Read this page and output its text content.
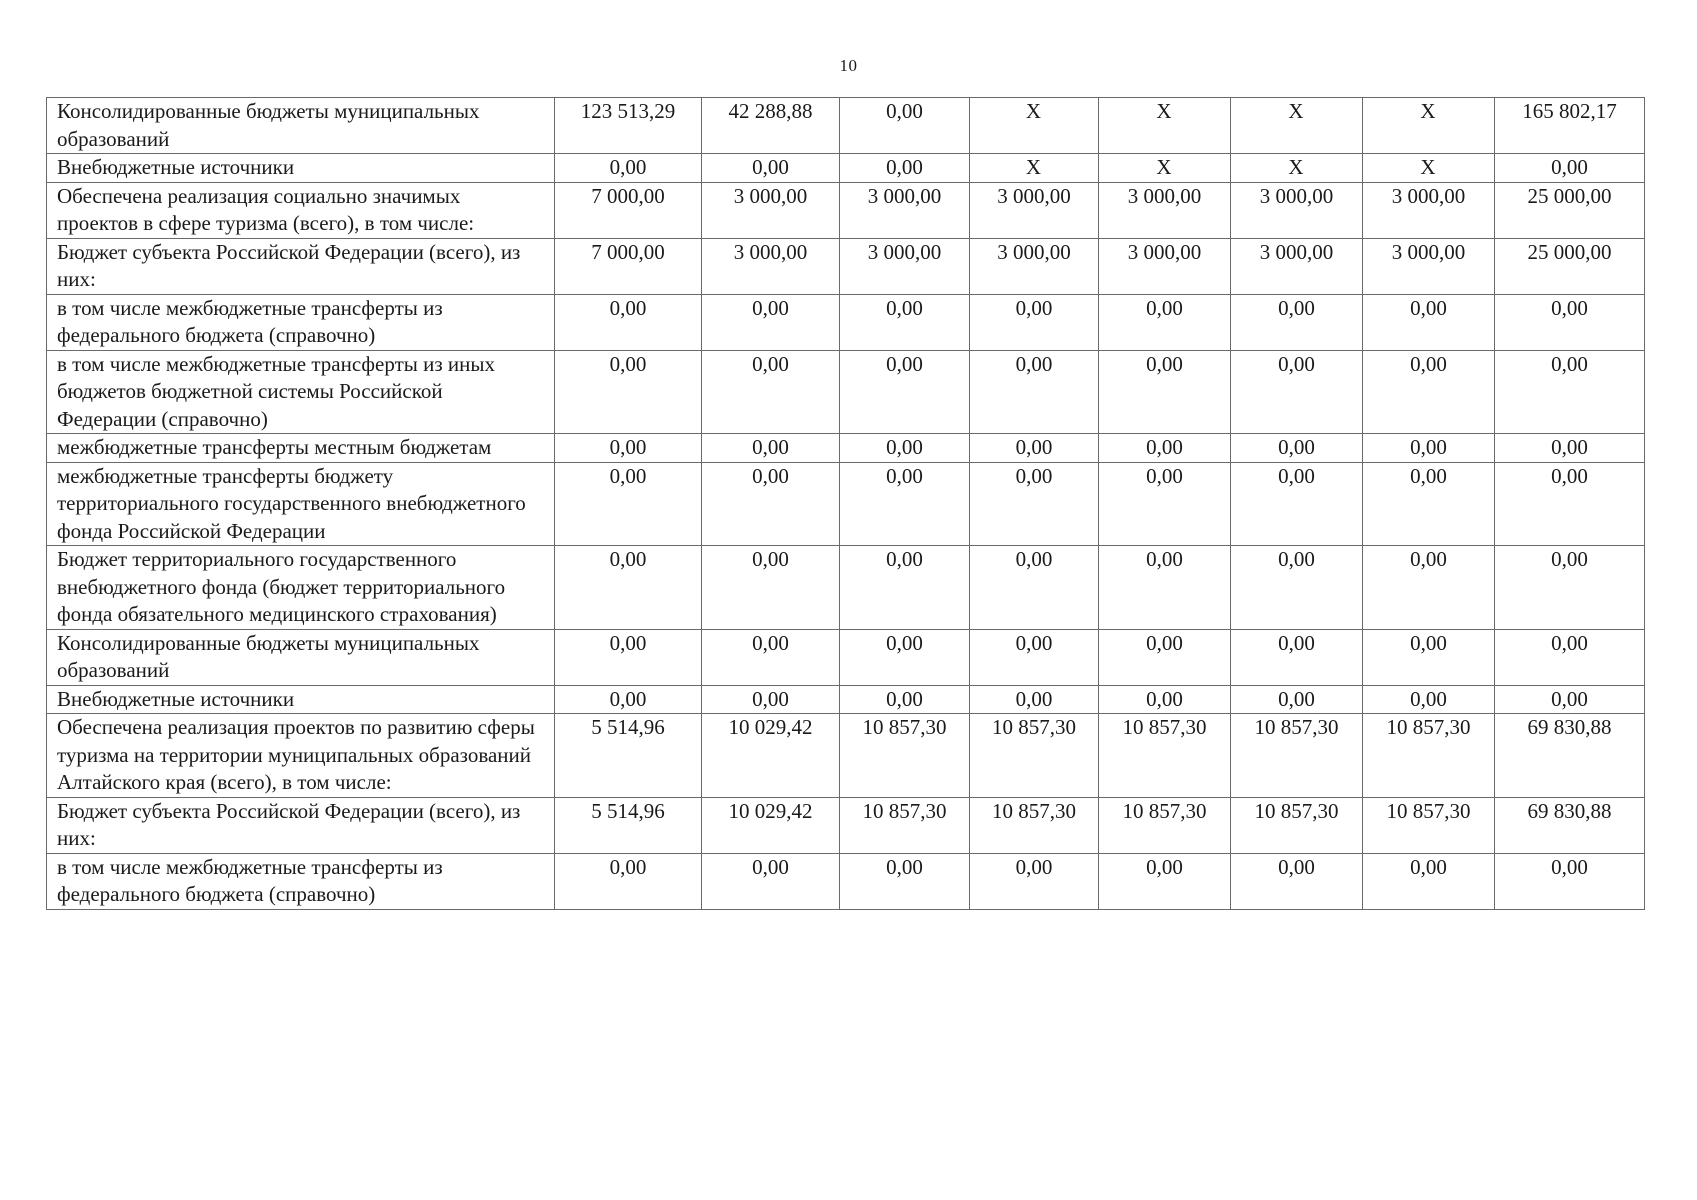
10
Консолидированные бюджеты муниципальных образований	123 513,29	42 288,88	0,00	X	X	X	X	165 802,17
Внебюджетные источники	0,00	0,00	0,00	X	X	X	X	0,00
Обеспечена реализация социально значимых проектов в сфере туризма (всего), в том числе:	7 000,00	3 000,00	3 000,00	3 000,00	3 000,00	3 000,00	3 000,00	25 000,00
Бюджет субъекта Российской Федерации (всего), из них:	7 000,00	3 000,00	3 000,00	3 000,00	3 000,00	3 000,00	3 000,00	25 000,00
в том числе межбюджетные трансферты из федерального бюджета (справочно)	0,00	0,00	0,00	0,00	0,00	0,00	0,00	0,00
в том числе межбюджетные трансферты из иных бюджетов бюджетной системы Российской Федерации (справочно)	0,00	0,00	0,00	0,00	0,00	0,00	0,00	0,00
межбюджетные трансферты местным бюджетам	0,00	0,00	0,00	0,00	0,00	0,00	0,00	0,00
межбюджетные трансферты бюджету территориального государственного внебюджетного фонда Российской Федерации	0,00	0,00	0,00	0,00	0,00	0,00	0,00	0,00
Бюджет территориального государственного внебюджетного фонда (бюджет территориального фонда обязательного медицинского страхования)	0,00	0,00	0,00	0,00	0,00	0,00	0,00	0,00
Консолидированные бюджеты муниципальных образований	0,00	0,00	0,00	0,00	0,00	0,00	0,00	0,00
Внебюджетные источники	0,00	0,00	0,00	0,00	0,00	0,00	0,00	0,00
Обеспечена реализация проектов по развитию сферы туризма на территории муниципальных образований Алтайского края (всего), в том числе:	5 514,96	10 029,42	10 857,30	10 857,30	10 857,30	10 857,30	10 857,30	69 830,88
Бюджет субъекта Российской Федерации (всего), из них:	5 514,96	10 029,42	10 857,30	10 857,30	10 857,30	10 857,30	10 857,30	69 830,88
в том числе межбюджетные трансферты из федерального бюджета (справочно)	0,00	0,00	0,00	0,00	0,00	0,00	0,00	0,00
